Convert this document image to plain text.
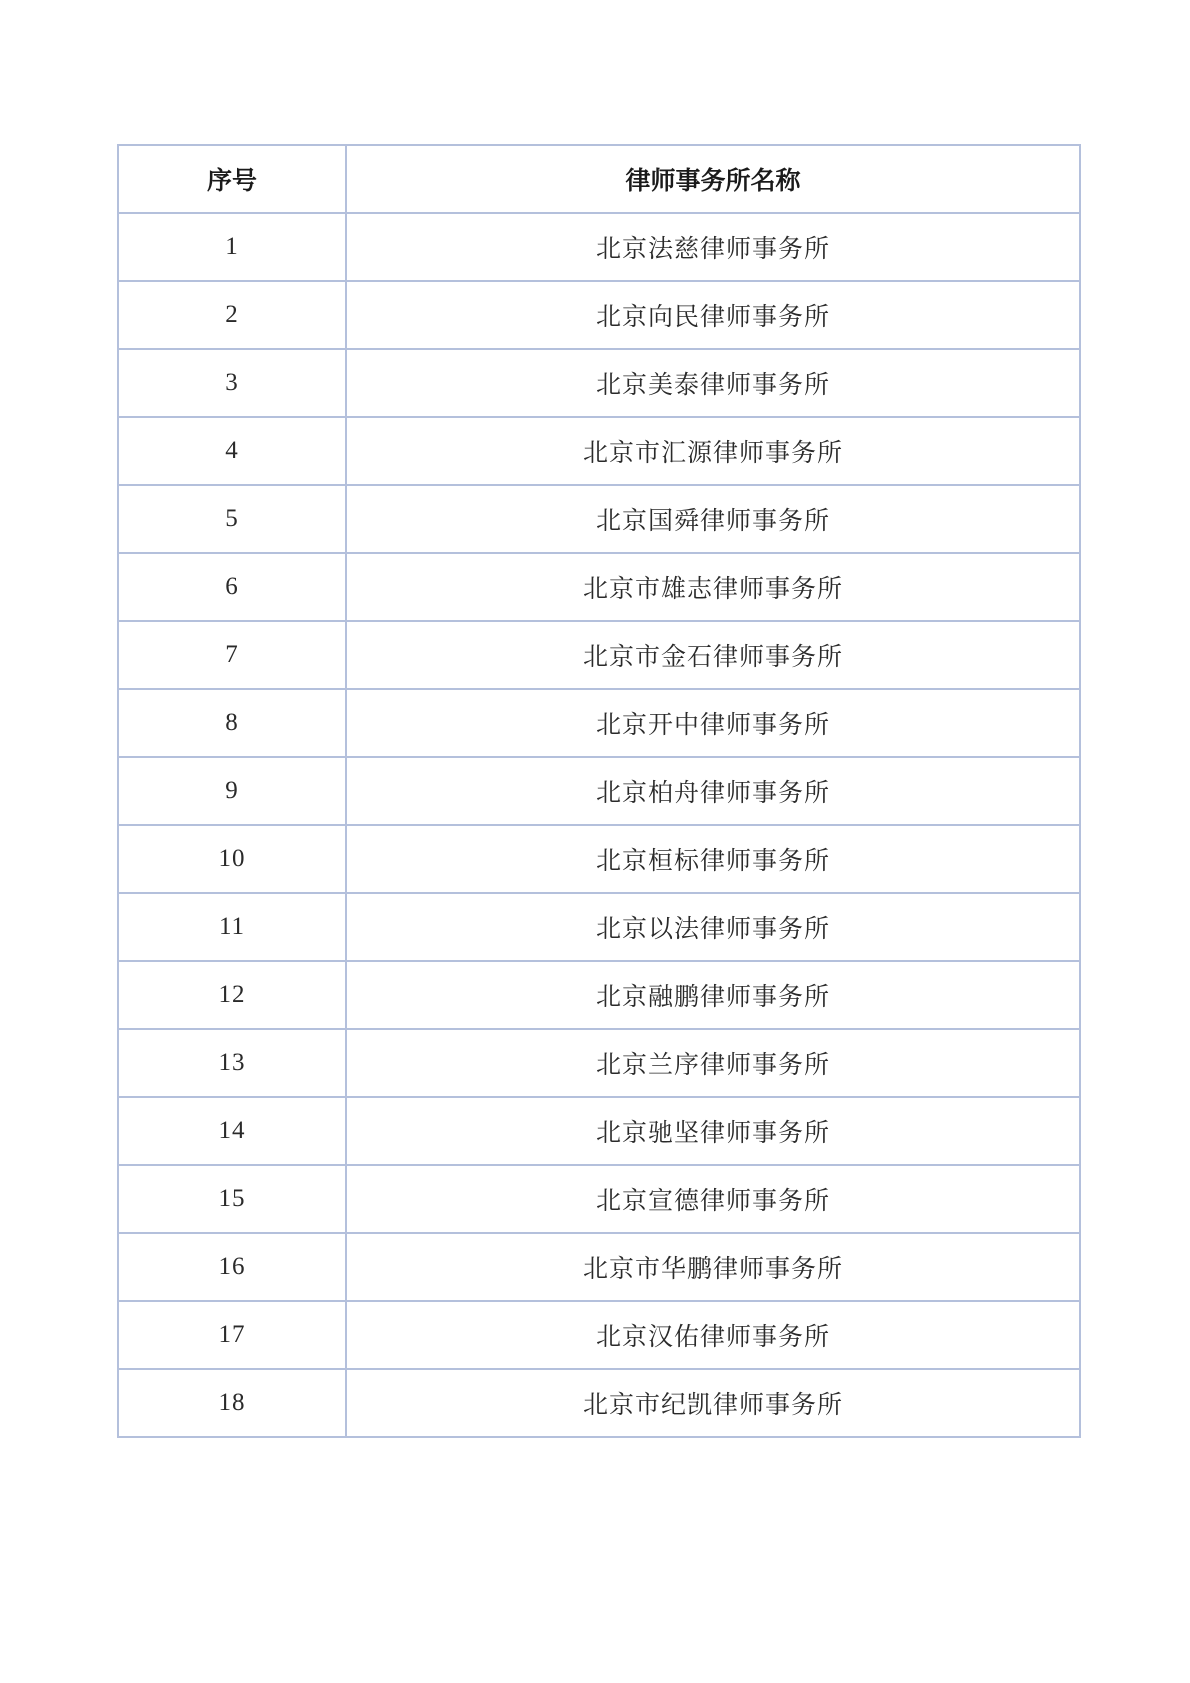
序号	律师事务所名称
1	北京法慈律师事务所
2	北京向民律师事务所
3	北京美泰律师事务所
4	北京市汇源律师事务所
5	北京国舜律师事务所
6	北京市雄志律师事务所
7	北京市金石律师事务所
8	北京开中律师事务所
9	北京柏舟律师事务所
10	北京桓标律师事务所
11	北京以法律师事务所
12	北京融鹏律师事务所
13	北京兰序律师事务所
14	北京驰坚律师事务所
15	北京宣德律师事务所
16	北京市华鹏律师事务所
17	北京汉佑律师事务所
18	北京市纪凯律师事务所
